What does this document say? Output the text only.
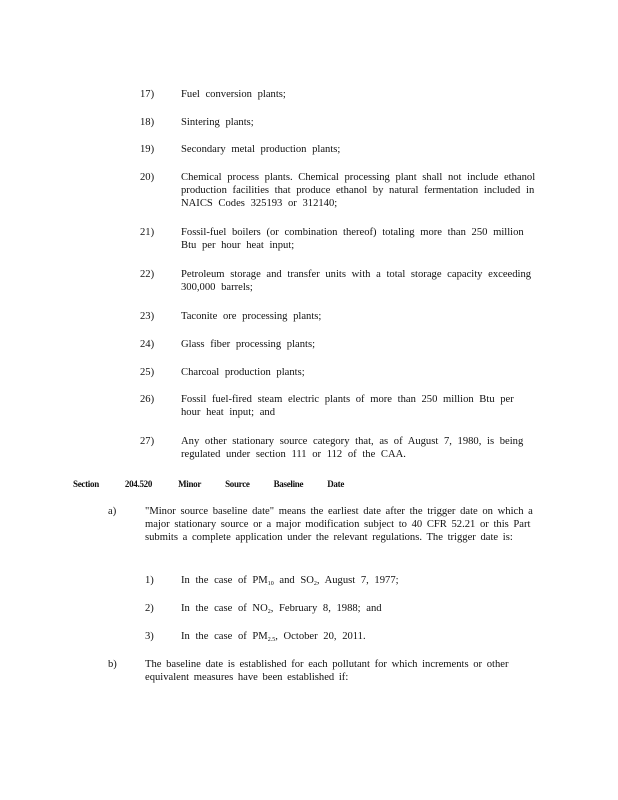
17)	Fuel conversion plants;
18)	Sintering plants;
19)	Secondary metal production plants;
20)	Chemical process plants. Chemical processing plant shall not include ethanol production facilities that produce ethanol by natural fermentation included in NAICS Codes 325193 or 312140;
21)	Fossil-fuel boilers (or combination thereof) totaling more than 250 million Btu per hour heat input;
22)	Petroleum storage and transfer units with a total storage capacity exceeding 300,000 barrels;
23)	Taconite ore processing plants;
24)	Glass fiber processing plants;
25)	Charcoal production plants;
26)	Fossil fuel-fired steam electric plants of more than 250 million Btu per hour heat input; and
27)	Any other stationary source category that, as of August 7, 1980, is being regulated under section 111 or 112 of the CAA.
Section	204.520	Minor	Source	Baseline	Date
a)	"Minor source baseline date" means the earliest date after the trigger date on which a major stationary source or a major modification subject to 40 CFR 52.21 or this Part submits a complete application under the relevant regulations. The trigger date is:
1)	In the case of $PM_{10}$ and $SO_2$, August 7, 1977;
2)	In the case of $NO_2$, February 8, 1988; and
3)	In the case of $PM_{2.5}$, October 20, 2011.
b)	The baseline date is established for each pollutant for which increments or other equivalent measures have been established if:
